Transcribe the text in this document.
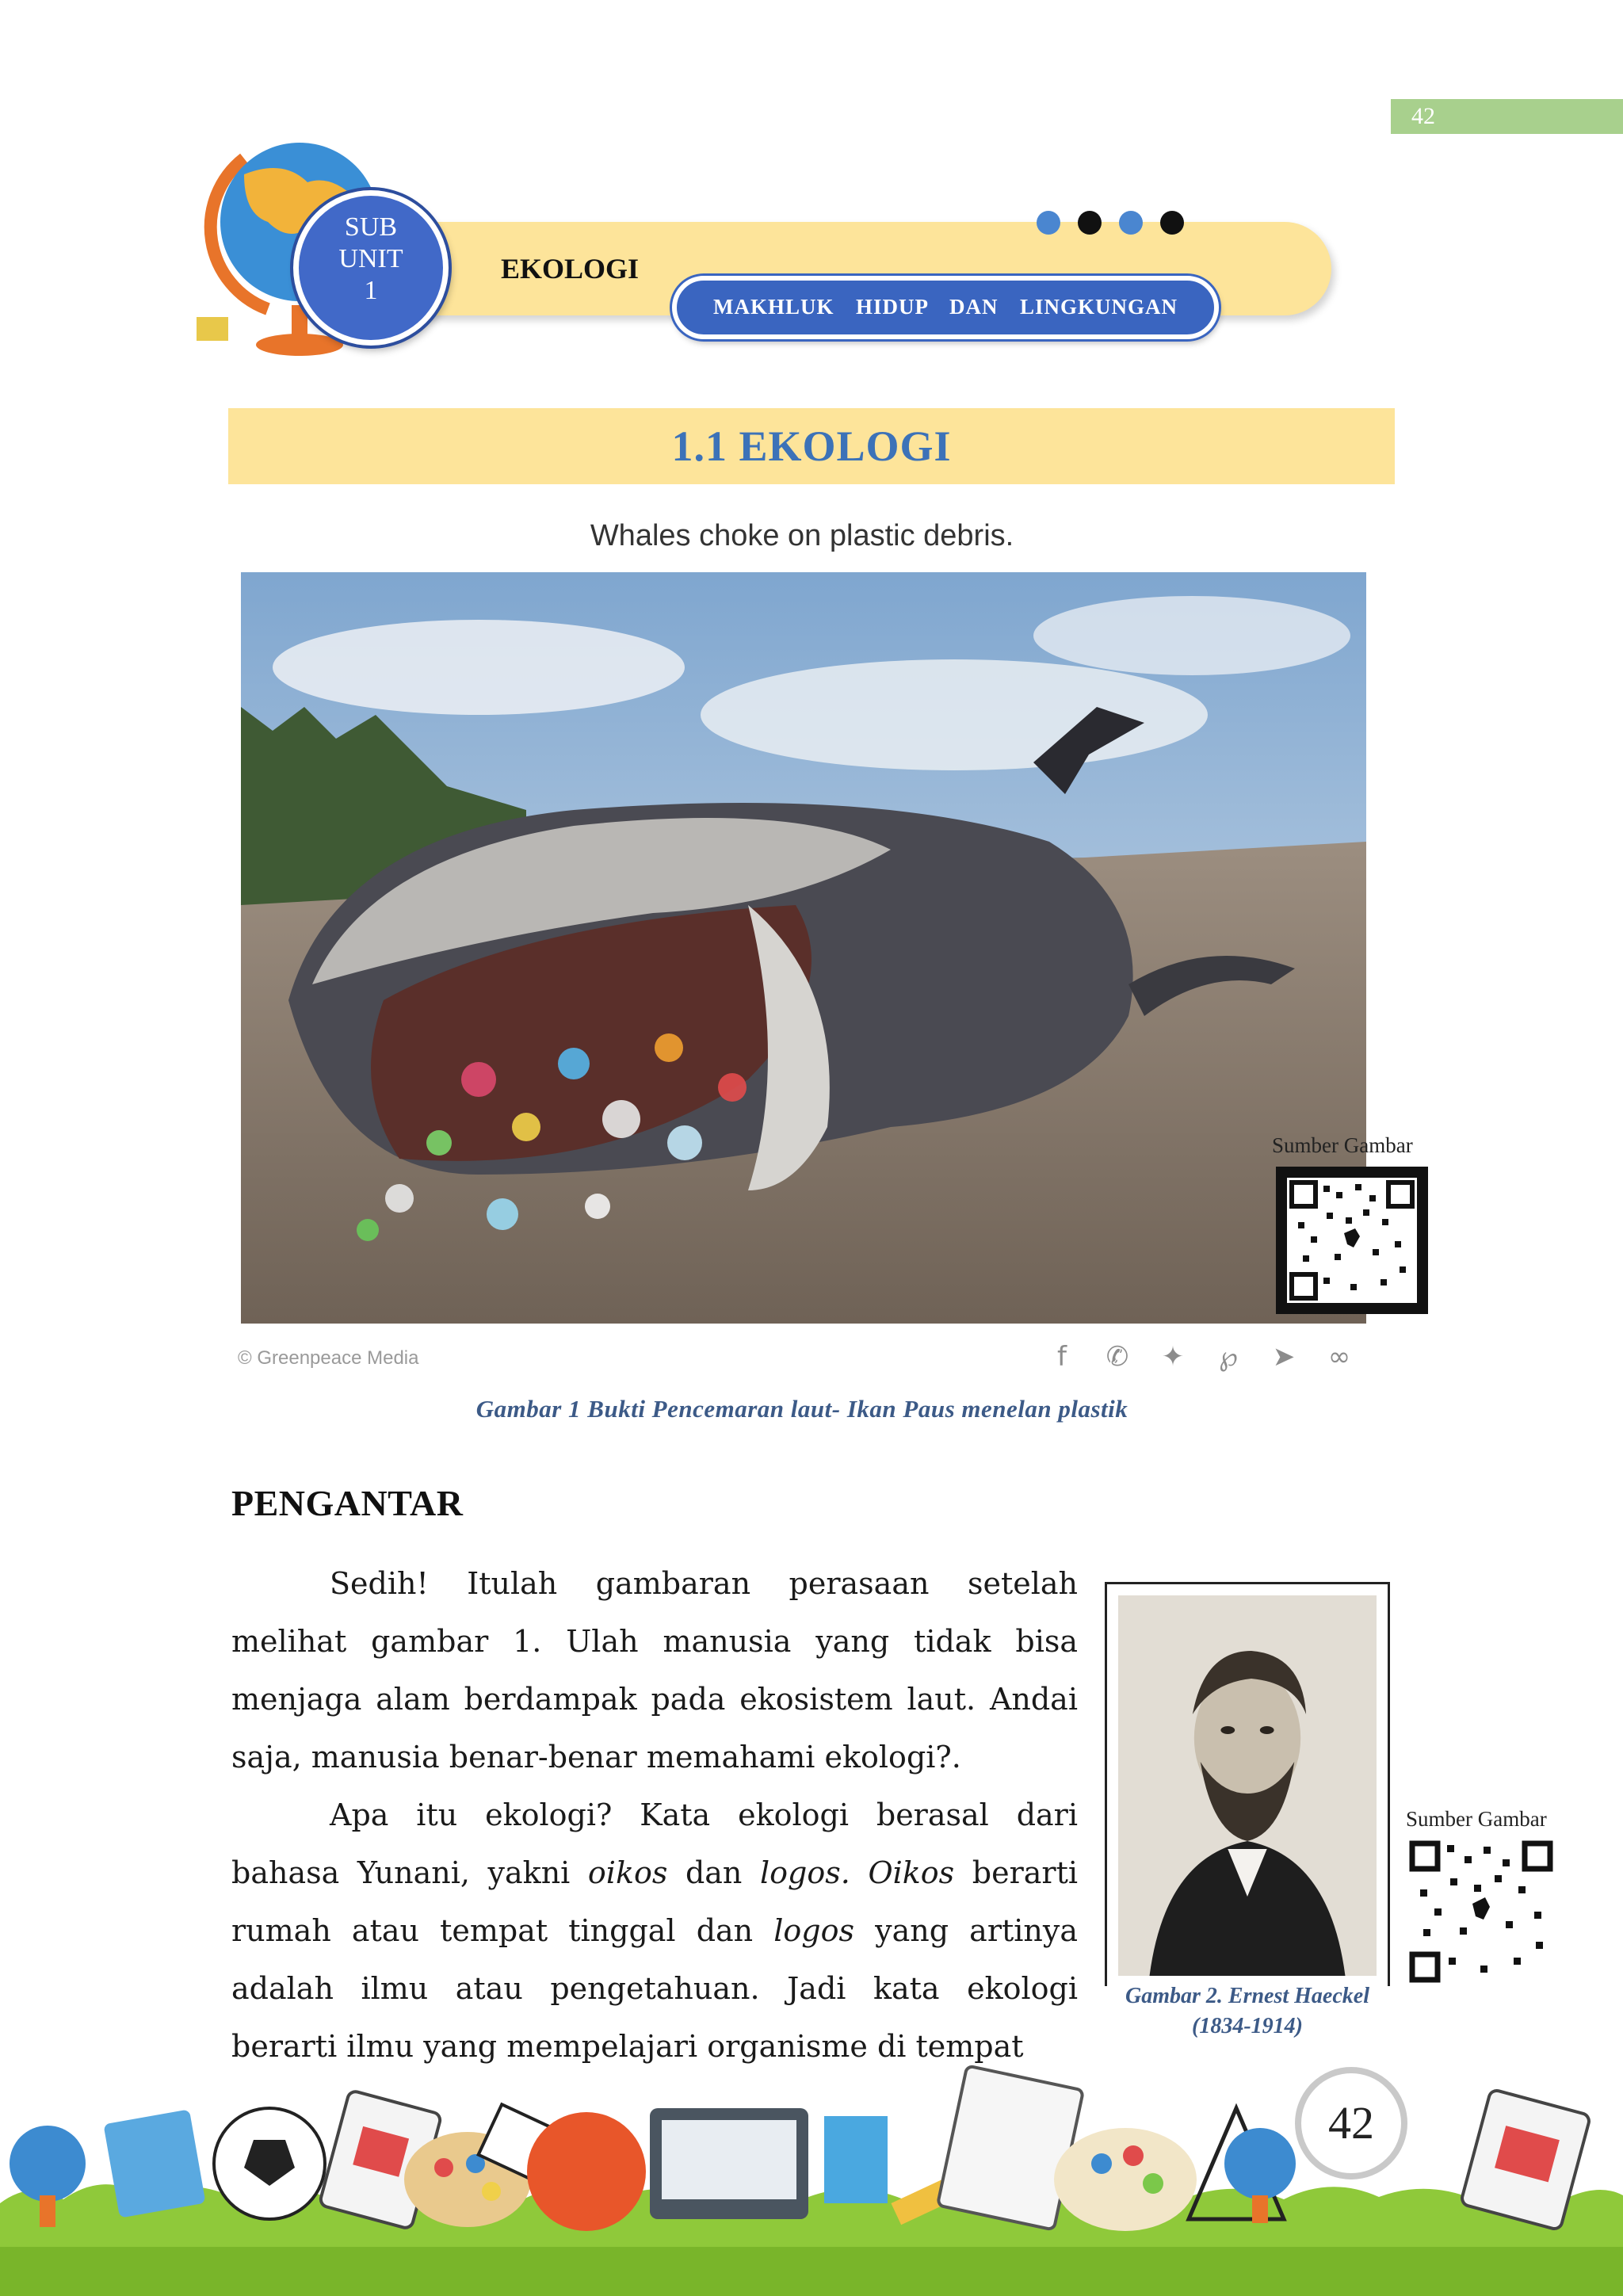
42
SUB
UNIT
1
EKOLOGI
MAKHLUK  HIDUP  DAN  LINGKUNGAN
1.1 EKOLOGI
Whales choke on plastic debris.
© Greenpeace Media	f	✆ ✦ ℘ ➤ ∞
Gambar 1 Bukti Pencemaran laut- Ikan Paus menelan plastik
Sumber Gambar
PENGANTAR

Sedih! Itulah gambaran perasaan setelah melihat gambar 1. Ulah manusia yang tidak bisa menjaga alam berdampak pada ekosistem laut. Andai saja, manusia benar-benar memahami ekologi?.

Apa itu ekologi? Kata ekologi berasal dari bahasa Yunani, yakni oikos dan logos. Oikos berarti rumah atau tempat tinggal dan logos yang artinya adalah ilmu atau pengetahuan. Jadi kata ekologi berarti ilmu yang mempelajari organisme di tempat

Gambar 2. Ernest Haeckel
(1834-1914)
Sumber Gambar
42
